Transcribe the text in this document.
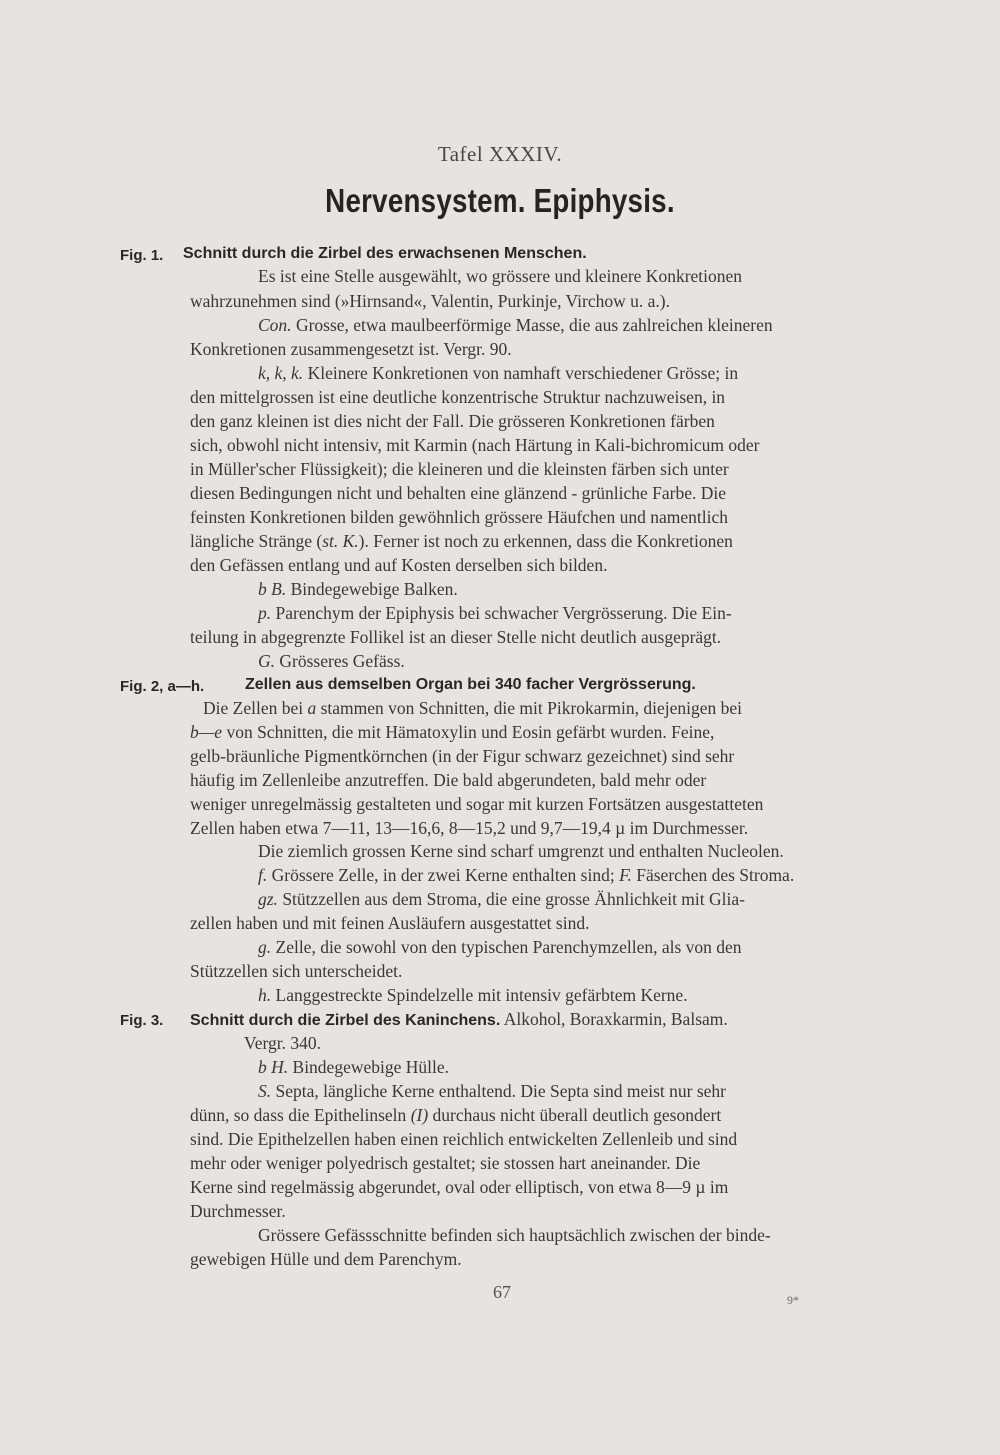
Tafel XXXIV.
Nervensystem. Epiphysis.
Fig. 1. Schnitt durch die Zirbel des erwachsenen Menschen.
Es ist eine Stelle ausgewählt, wo grössere und kleinere Konkretionen
wahrzunehmen sind (»Hirnsand«, Valentin, Purkinje, Virchow u. a.).
Con. Grosse, etwa maulbeerförmige Masse, die aus zahlreichen kleineren
Konkretionen zusammengesetzt ist. Vergr. 90.
k, k, k. Kleinere Konkretionen von namhaft verschiedener Grösse; in
den mittelgrossen ist eine deutliche konzentrische Struktur nachzuweisen, in
den ganz kleinen ist dies nicht der Fall. Die grösseren Konkretionen färben
sich, obwohl nicht intensiv, mit Karmin (nach Härtung in Kali-bichromicum oder
in Müller'scher Flüssigkeit); die kleineren und die kleinsten färben sich unter
diesen Bedingungen nicht und behalten eine glänzend - grünliche Farbe. Die
feinsten Konkretionen bilden gewöhnlich grössere Häufchen und namentlich
längliche Stränge (st. K.). Ferner ist noch zu erkennen, dass die Konkretionen
den Gefässen entlang und auf Kosten derselben sich bilden.
b B. Bindegewebige Balken.
p. Parenchym der Epiphysis bei schwacher Vergrösserung. Die Ein-
teilung in abgegrenzte Follikel ist an dieser Stelle nicht deutlich ausgeprägt.
G. Grösseres Gefäss.
Fig. 2, a—h.	Zellen aus demselben Organ bei 340 facher Vergrösserung.
Die Zellen bei a stammen von Schnitten, die mit Pikrokarmin, diejenigen bei
b—e von Schnitten, die mit Hämatoxylin und Eosin gefärbt wurden. Feine,
gelb-bräunliche Pigmentkörnchen (in der Figur schwarz gezeichnet) sind sehr
häufig im Zellenleibe anzutreffen. Die bald abgerundeten, bald mehr oder
weniger unregelmässig gestalteten und sogar mit kurzen Fortsätzen ausgestatteten
Zellen haben etwa 7—11, 13—16,6, 8—15,2 und 9,7—19,4 µ im Durchmesser.
Die ziemlich grossen Kerne sind scharf umgrenzt und enthalten Nucleolen.
f. Grössere Zelle, in der zwei Kerne enthalten sind; F. Fäserchen des Stroma.
gz. Stützzellen aus dem Stroma, die eine grosse Ähnlichkeit mit Glia-
zellen haben und mit feinen Ausläufern ausgestattet sind.
g. Zelle, die sowohl von den typischen Parenchymzellen, als von den
Stützzellen sich unterscheidet.
h. Langgestreckte Spindelzelle mit intensiv gefärbtem Kerne.
Fig. 3. Schnitt durch die Zirbel des Kaninchens. Alkohol, Boraxkarmin, Balsam.
Vergr. 340.
b H. Bindegewebige Hülle.
S. Septa, längliche Kerne enthaltend. Die Septa sind meist nur sehr
dünn, so dass die Epithelinseln (I) durchaus nicht überall deutlich gesondert
sind. Die Epithelzellen haben einen reichlich entwickelten Zellenleib und sind
mehr oder weniger polyedrisch gestaltet; sie stossen hart aneinander. Die
Kerne sind regelmässig abgerundet, oval oder elliptisch, von etwa 8—9 µ im
Durchmesser.
Grössere Gefässschnitte befinden sich hauptsächlich zwischen der binde-
gewebigen Hülle und dem Parenchym.
67	9*
